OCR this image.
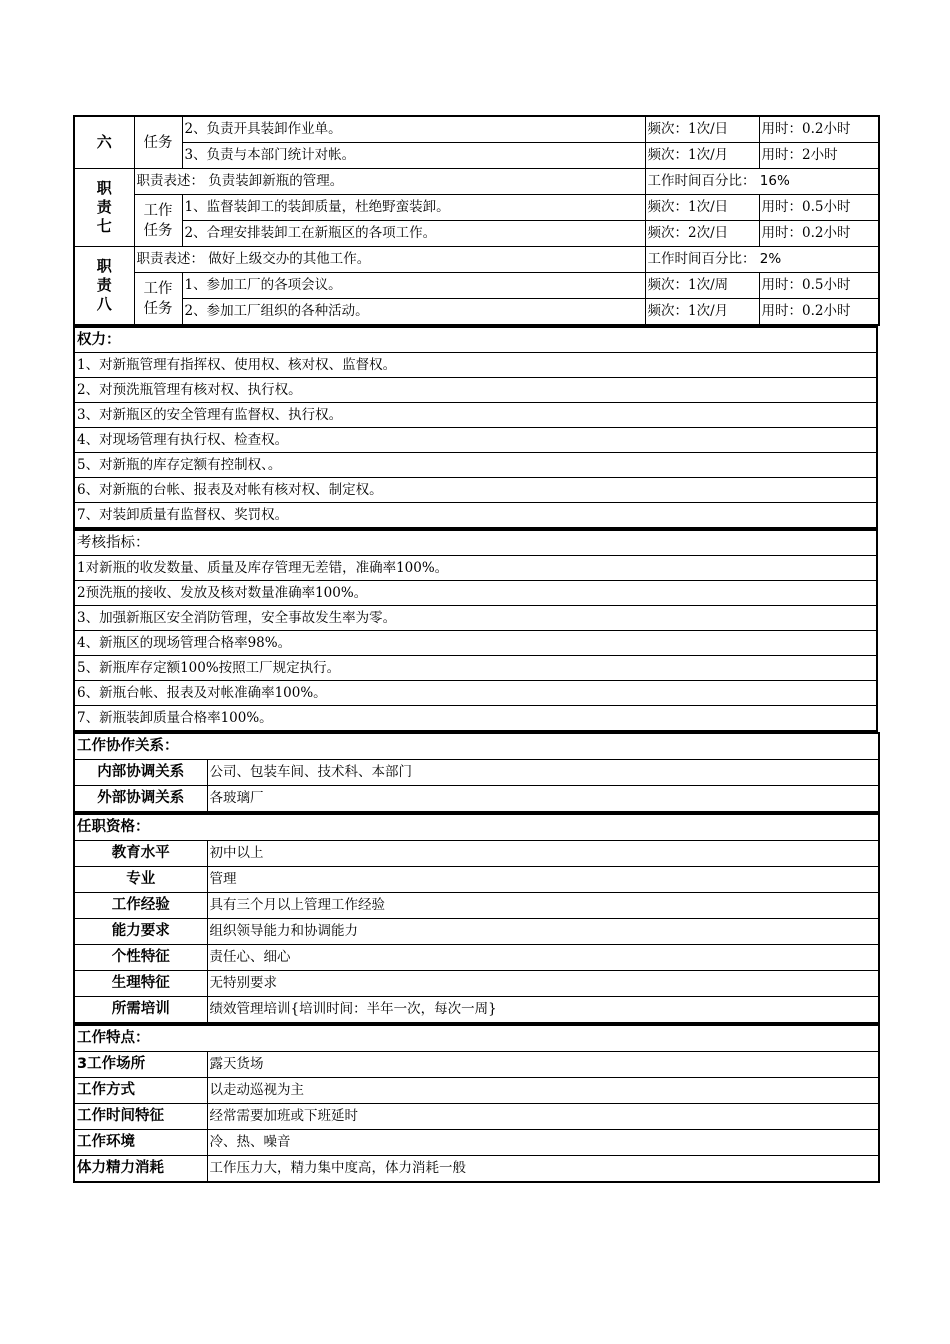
六	任务	2、负责开具装卸作业单。	频次：1次/日	用时：0.2小时
		3、负责与本部门统计对帐。	频次：1次/月	用时：2小时
职责七	职责表述： 负责装卸新瓶的管理。		工作时间百分比： 16%	
	工作任务	1、监督装卸工的装卸质量，杜绝野蛮装卸。	频次：1次/日	用时：0.5小时
		2、合理安排装卸工在新瓶区的各项工作。	频次：2次/日	用时：0.2小时
职责八	职责表述： 做好上级交办的其他工作。		工作时间百分比： 2%	
	工作任务	1、参加工厂的各项会议。	频次：1次/周	用时：0.5小时
		2、参加工厂组织的各种活动。	频次：1次/月	用时：0.2小时
权力：
1、对新瓶管理有指挥权、使用权、核对权、监督权。
2、对预洗瓶管理有核对权、执行权。
3、对新瓶区的安全管理有监督权、执行权。
4、对现场管理有执行权、检查权。
5、对新瓶的库存定额有控制权、。
6、对新瓶的台帐、报表及对帐有核对权、制定权。
7、对装卸质量有监督权、奖罚权。
考核指标：
1对新瓶的收发数量、质量及库存管理无差错，准确率100%。
2预洗瓶的接收、发放及核对数量准确率100%。
3、加强新瓶区安全消防管理，安全事故发生率为零。
4、新瓶区的现场管理合格率98%。
5、新瓶库存定额100%按照工厂规定执行。
6、新瓶台帐、报表及对帐准确率100%。
7、新瓶装卸质量合格率100%。
工作协作关系：	
内部协调关系	公司、包装车间、技术科、本部门
外部协调关系	各玻璃厂
任职资格：	
教育水平	初中以上
专业	管理
工作经验	具有三个月以上管理工作经验
能力要求	组织领导能力和协调能力
个性特征	责任心、细心
生理特征	无特别要求
所需培训	绩效管理培训{培训时间：半年一次，每次一周}
工作特点：	
3工作场所	露天货场
工作方式	以走动巡视为主
工作时间特征	经常需要加班或下班延时
工作环境	冷、热、噪音
体力精力消耗	工作压力大，精力集中度高，体力消耗一般
